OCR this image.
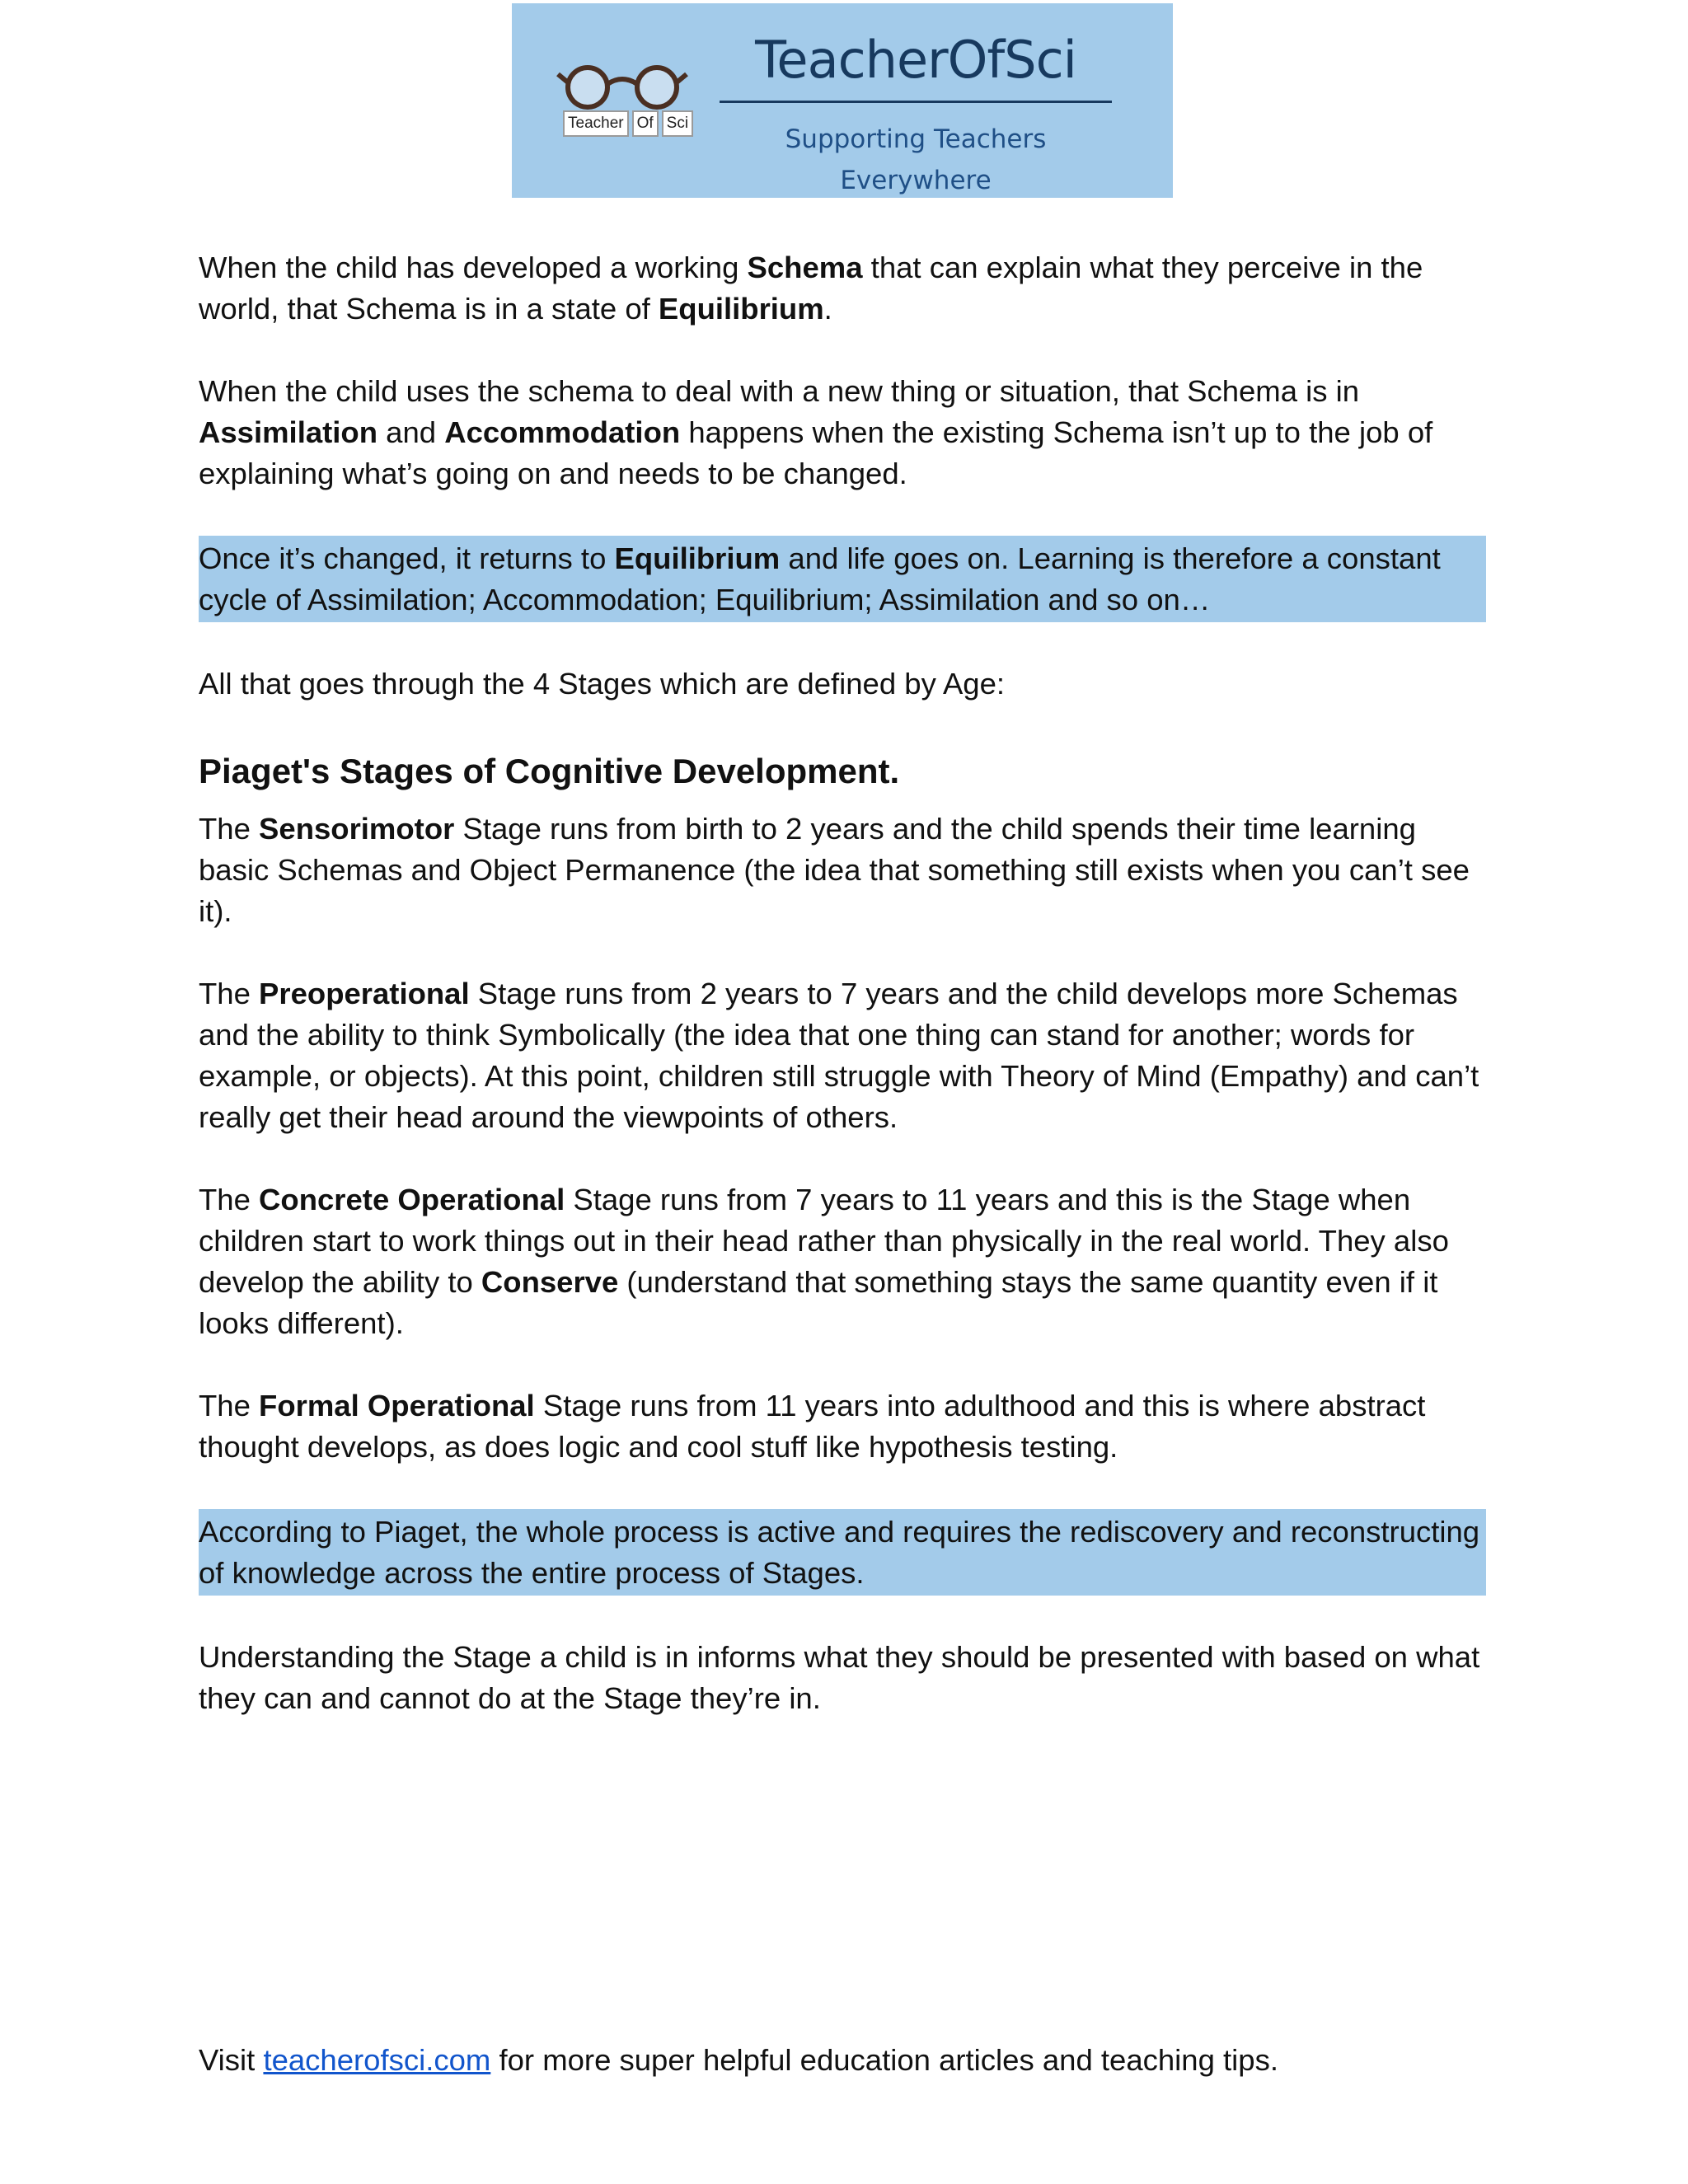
Teacher Of Sci
TeacherOfSci
Supporting Teachers Everywhere

When the child has developed a working Schema that can explain what they perceive in the world, that Schema is in a state of Equilibrium.

When the child uses the schema to deal with a new thing or situation, that Schema is in Assimilation and Accommodation happens when the existing Schema isn’t up to the job of explaining what’s going on and needs to be changed.

Once it’s changed, it returns to Equilibrium and life goes on. Learning is therefore a constant cycle of Assimilation; Accommodation; Equilibrium; Assimilation and so on…

All that goes through the 4 Stages which are defined by Age:

Piaget's Stages of Cognitive Development.

The Sensorimotor Stage runs from birth to 2 years and the child spends their time learning basic Schemas and Object Permanence (the idea that something still exists when you can’t see it).

The Preoperational Stage runs from 2 years to 7 years and the child develops more Schemas and the ability to think Symbolically (the idea that one thing can stand for another; words for example, or objects). At this point, children still struggle with Theory of Mind (Empathy) and can’t really get their head around the viewpoints of others.

The Concrete Operational Stage runs from 7 years to 11 years and this is the Stage when children start to work things out in their head rather than physically in the real world. They also develop the ability to Conserve (understand that something stays the same quantity even if it looks different).

The Formal Operational Stage runs from 11 years into adulthood and this is where abstract thought develops, as does logic and cool stuff like hypothesis testing.

According to Piaget, the whole process is active and requires the rediscovery and reconstructing of knowledge across the entire process of Stages.

Understanding the Stage a child is in informs what they should be presented with based on what they can and cannot do at the Stage they’re in.

Visit teacherofsci.com for more super helpful education articles and teaching tips.
